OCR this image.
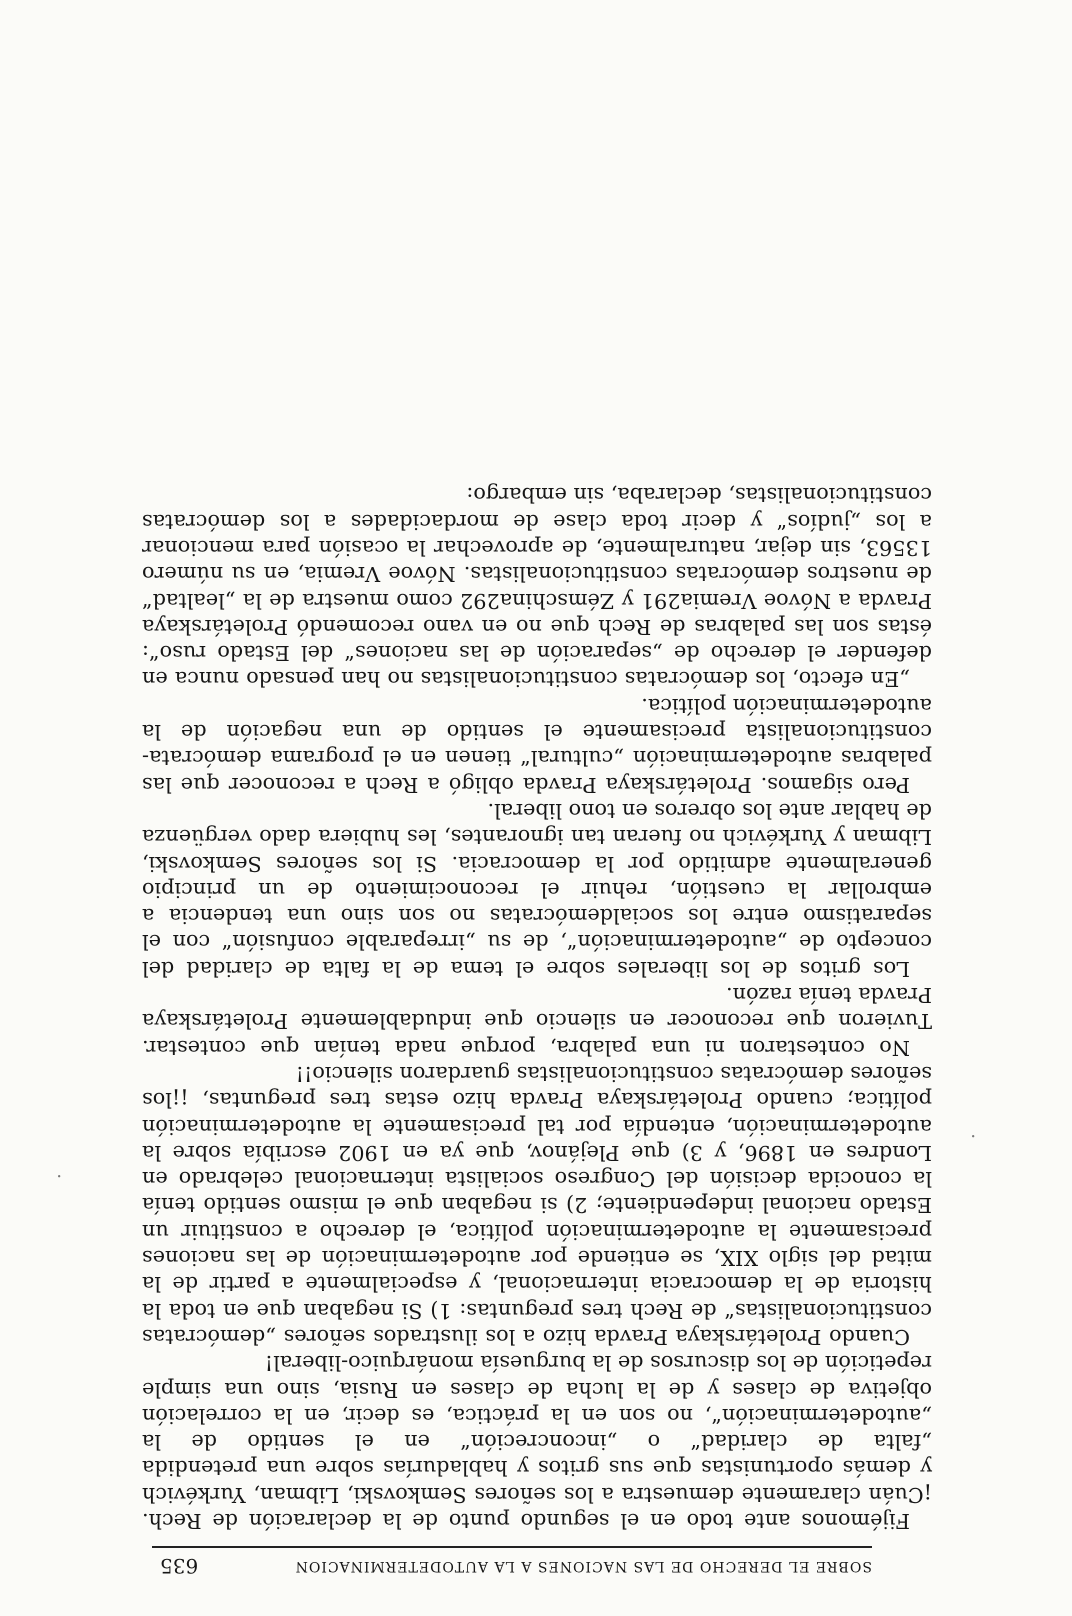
SOBRE EL DERECHO DE LAS NACIONES A LA AUTODETERMINACION
635

Fijémonos ante todo en el segundo punto de la declaración de Rech. ¡Cuán claramente demuestra a los señores Semkovski, Libman, Yurkévich y demás oportunistas que sus gritos y habladurías sobre una pretendida „falta de claridad“ o „inconcreción“ en el sentido de la „autodeterminación“, no son en la práctica, es decir, en la correlación objetiva de clases y de la lucha de clases en Rusia, sino una simple repetición de los discursos de la burguesía monárquico-liberal!

Cuando Proletárskaya Pravda hizo a los ilustrados señores „demócratas constitucionalistas“ de Rech tres preguntas: 1) Si negaban que en toda la historia de la democracia internacional, y especialmente a partir de la mitad del siglo XIX, se entiende por autodeterminación de las naciones precisamente la autodeterminación política, el derecho a constituir un Estado nacional independiente; 2) si negaban que el mismo sentido tenía la conocida decisión del Congreso socialista internacional celebrado en Londres en 1896, y 3) que Plejánov, que ya en 1902 escribía sobre la autodeterminación, entendía por tal precisamente la autodeterminación política; cuando Proletárskaya Pravda hizo estas tres preguntas, ¡¡los señores demócratas constitucionalistas guardaron silencio!!

No contestaron ni una palabra, porque nada tenían que contestar. Tuvieron que reconocer en silencio que indudablemente Proletárskaya Pravda tenía razón.

Los gritos de los liberales sobre el tema de la falta de claridad del concepto de „autodeterminación“, de su „irreparable confusión“ con el separatismo entre los socialdemócratas no son sino una tendencia a embrollar la cuestión, rehuir el reconocimiento de un principio generalmente admitido por la democracia. Si los señores Semkovski, Libman y Yurkévich no fueran tan ignorantes, les hubiera dado vergüenza de hablar ante los obreros en tono liberal.

Pero sigamos. Proletárskaya Pravda obligó a Rech a reconocer que las palabras autodeterminación „cultural“ tienen en el programa demócrata-constitucionalista precisamente el sentido de una negación de la autodeterminación política.

„En efecto, los demócratas constitucionalistas no han pensado nunca en defender el derecho de „separación de las naciones“ del Estado ruso“: éstas son las palabras de Rech que no en vano recomendó Proletárskaya Pravda a Nóvoe Vremia291 y Zémschina292 como muestra de la „lealtad“ de nuestros demócratas constitucionalistas. Nóvoe Vremia, en su número 13563, sin dejar, naturalmente, de aprovechar la ocasión para mencionar a los „judíos“ y decir toda clase de mordacidades a los demócratas constitucionalistas, declaraba, sin embargo:

·
·
